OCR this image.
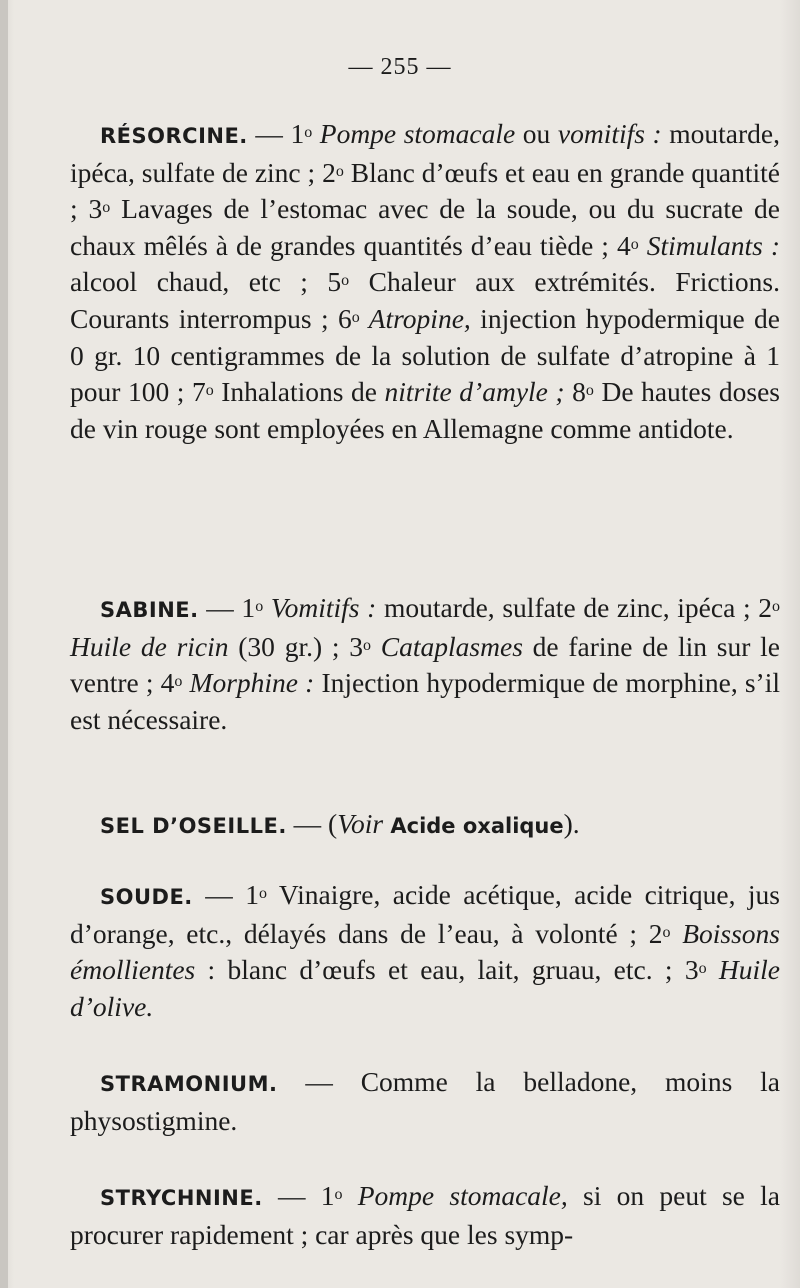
— 255 —

RÉSORCINE. — 1$^o$ Pompe stomacale ou vomitifs : moutarde, ipéca, sulfate de zinc ; 2$^o$ Blanc d’œufs et eau en grande quantité ; 3$^o$ Lavages de l’estomac avec de la soude, ou du sucrate de chaux mêlés à de grandes quantités d’eau tiède ; 4$^o$ Stimulants : alcool chaud, etc ; 5$^o$ Chaleur aux extrémités. Frictions. Courants interrompus ; 6$^o$ Atropine, injection hypodermique de 0 gr. 10 centigrammes de la solution de sulfate d’atropine à 1 pour 100 ; 7$^o$ Inhalations de nitrite d’amyle ; 8$^o$ De hautes doses de vin rouge sont employées en Allemagne comme antidote.

SABINE. — 1$^o$ Vomitifs : moutarde, sulfate de zinc, ipéca ; 2$^o$ Huile de ricin (30 gr.) ; 3$^o$ Cataplasmes de farine de lin sur le ventre ; 4$^o$ Morphine : Injection hypodermique de morphine, s’il est nécessaire.

SEL D’OSEILLE. — (Voir Acide oxalique).

SOUDE. — 1$^o$ Vinaigre, acide acétique, acide citrique, jus d’orange, etc., délayés dans de l’eau, à volonté ; 2$^o$ Boissons émollientes : blanc d’œufs et eau, lait, gruau, etc. ; 3$^o$ Huile d’olive.

STRAMONIUM. — Comme la belladone, moins la physostigmine.

STRYCHNINE. — 1$^o$ Pompe stomacale, si on peut se la procurer rapidement ; car après que les symp-
